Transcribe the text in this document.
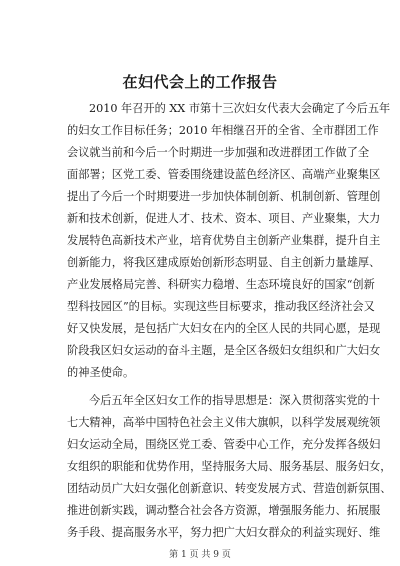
在妇代会上的工作报告
2010 年召开的 XX 市第十三次妇女代表大会确定了今后五年
的妇女工作目标任务；2010 年相继召开的全省、全市群团工作
会议就当前和今后一个时期进一步加强和改进群团工作做了全
面部署；区党工委、管委围绕建设蓝色经济区、高端产业聚集区
提出了今后一个时期要进一步加快体制创新、机制创新、管理创
新和技术创新，促进人才、技术、资本、项目、产业聚集，大力
发展特色高新技术产业，培育优势自主创新产业集群，提升自主
创新能力，将我区建成原始创新形态明显、自主创新力量雄厚、
产业发展格局完善、科研实力稳增、生态环境良好的国家“创新
型科技园区”的目标。实现这些目标要求，推动我区经济社会又
好又快发展，是包括广大妇女在内的全区人民的共同心愿，是现
阶段我区妇女运动的奋斗主题，是全区各级妇女组织和广大妇女
的神圣使命。
今后五年全区妇女工作的指导思想是：深入贯彻落实党的十
七大精神，高举中国特色社会主义伟大旗帜，以科学发展观统领
妇女运动全局，围绕区党工委、管委中心工作，充分发挥各级妇
女组织的职能和优势作用，坚持服务大局、服务基层、服务妇女，
团结动员广大妇女强化创新意识、转变发展方式、营造创新氛围、
推进创新实践，调动整合社会各方资源，增强服务能力、拓展服
务手段、提高服务水平，努力把广大妇女群众的利益实现好、维
第 1 页 共 9 页
